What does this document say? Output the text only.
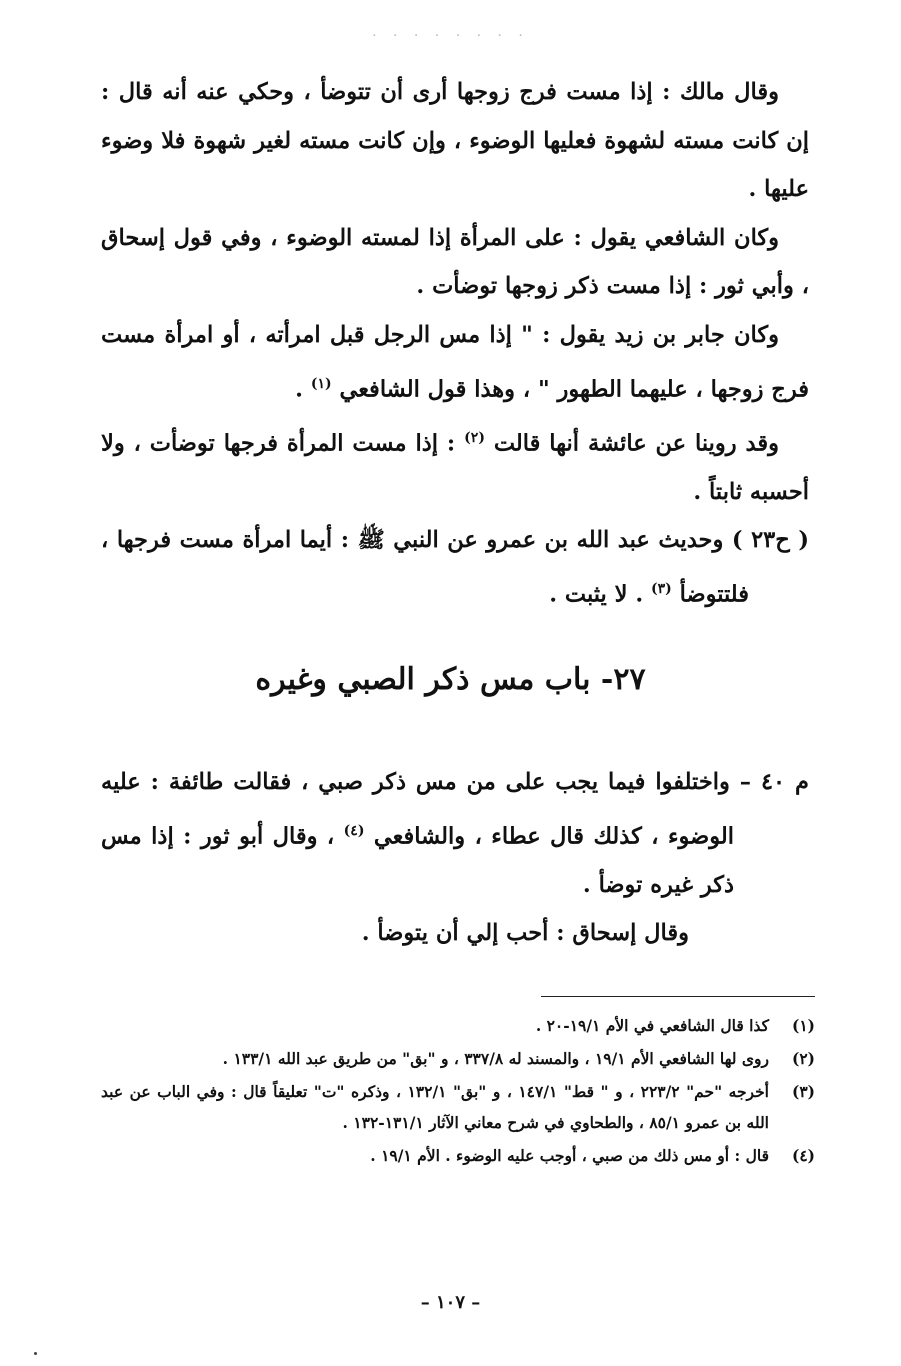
. . . . . . . .

وقال مالك : إذا مست فرج زوجها أرى أن تتوضأ ، وحكي عنه أنه قال : إن كانت مسته لشهوة فعليها الوضوء ، وإن كانت مسته لغير شهوة فلا وضوء عليها .

وكان الشافعي يقول : على المرأة إذا لمسته الوضوء ، وفي قول إسحاق ، وأبي ثور : إذا مست ذكر زوجها توضأت .

وكان جابر بن زيد يقول : " إذا مس الرجل قبل امرأته ، أو امرأة مست فرج زوجها ، عليهما الطهور " ، وهذا قول الشافعي $^{(١)}$ .

وقد روينا عن عائشة أنها قالت $^{(٢)}$ : إذا مست المرأة فرجها توضأت ، ولا أحسبه ثابتاً .

( ح٢٣ ) وحديث عبد الله بن عمرو عن النبي ﷺ : أيما امرأة مست فرجها ، فلتتوضأ $^{(٣)}$ . لا يثبت .

٢٧- باب مس ذكر الصبي وغيره

م ٤٠ – واختلفوا فيما يجب على من مس ذكر صبي ، فقالت طائفة : عليه الوضوء ، كذلك قال عطاء ، والشافعي $^{(٤)}$ ، وقال أبو ثور : إذا مس ذكر غيره توضأ .

وقال إسحاق : أحب إلي أن يتوضأ .

(١)
كذا قال الشافعي في الأم ١٩/١-٢٠ .
(٢)
روى لها الشافعي الأم ١٩/١ ، والمسند له ٣٣٧/٨ ، و "بق" من طريق عبد الله ١٣٣/١ .
(٣)
أخرجه "حم" ٢٢٣/٢ ، و " قط" ١٤٧/١ ، و "بق" ١٣٢/١ ، وذكره "ت" تعليقاً قال : وفي الباب عن عبد الله بن عمرو ٨٥/١ ، والطحاوي في شرح معاني الآثار ١٣١/١-١٣٢ .
(٤)
قال : أو مس ذلك من صبي ، أوجب عليه الوضوء . الأم ١٩/١ .
– ١٠٧ –
